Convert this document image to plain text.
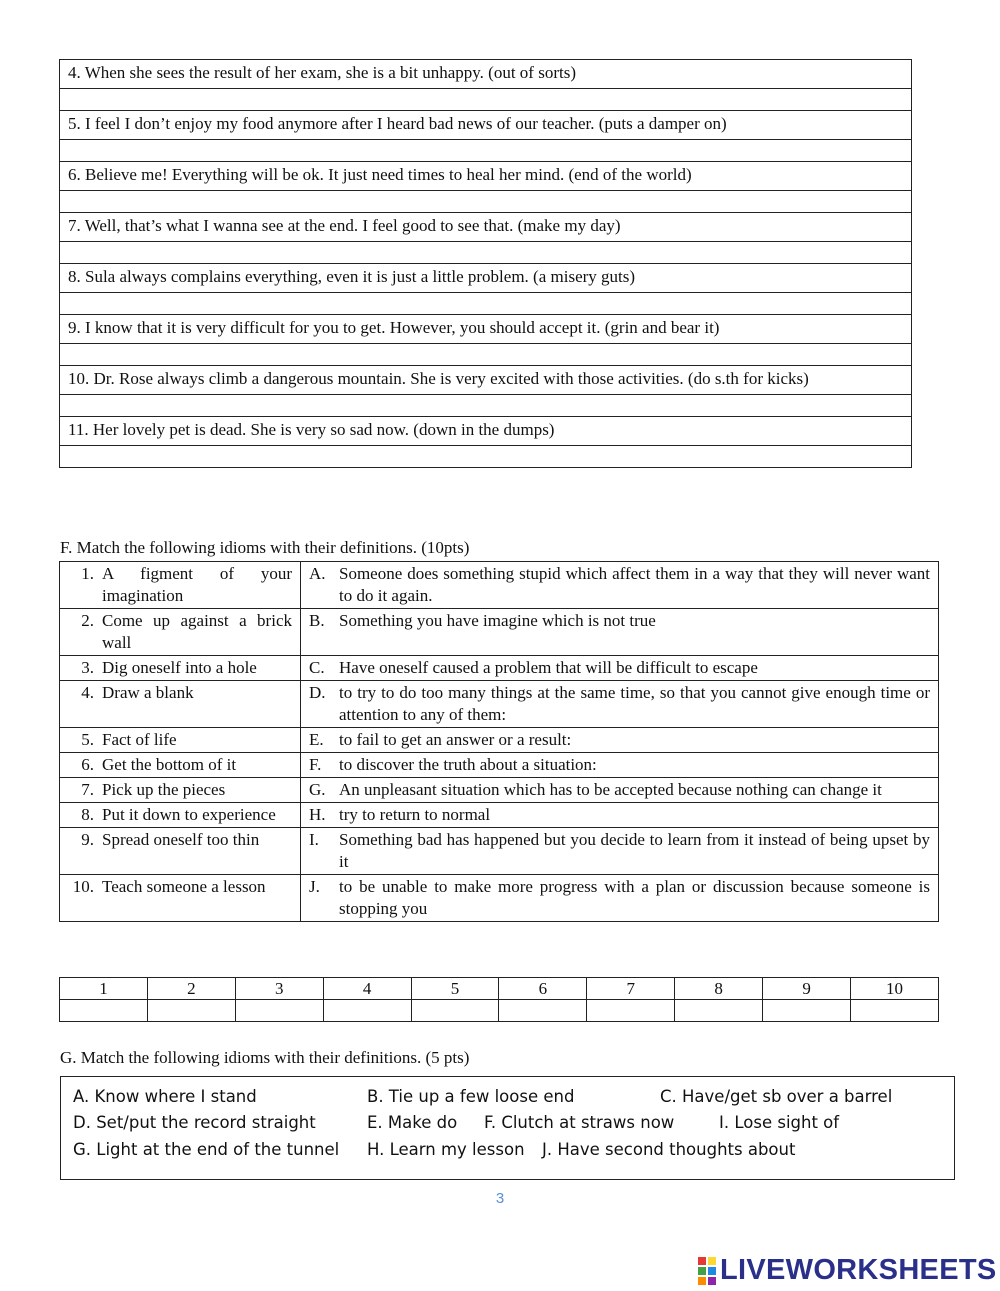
4. When she sees the result of her exam, she is a bit unhappy. (out of sorts)

5. I feel I don’t enjoy my food anymore after I heard bad news of our teacher. (puts a damper on)

6. Believe me! Everything will be ok. It just need times to heal her mind. (end of the world)

7. Well, that’s what I wanna see at the end. I feel good to see that. (make my day)

8. Sula always complains everything, even it is just a little problem. (a misery guts)

9. I know that it is very difficult for you to get. However, you should accept it. (grin and bear it)

10. Dr. Rose always climb a dangerous mountain. She is very excited with those activities. (do s.th for kicks)

11. Her lovely pet is dead. She is very so sad now. (down in the dumps)

F. Match the following idioms with their definitions. (10pts)

1. A figment of your imagination	A. Someone does something stupid which affect them in a way that they will never want to do it again.

2. Come up against a brick wall	B. Something you have imagine which is not true

3. Dig oneself into a hole	C. Have oneself caused a problem that will be difficult to escape

4. Draw a blank	D. to try to do too many things at the same time, so that you cannot give enough time or attention to any of them:

5. Fact of life	E. to fail to get an answer or a result:

6. Get the bottom of it	F. to discover the truth about a situation:

7. Pick up the pieces	G. An unpleasant situation which has to be accepted because nothing can change it

8. Put it down to experience	H. try to return to normal

9. Spread oneself too thin	I. Something bad has happened but you decide to learn from it instead of being upset by it

10. Teach someone a lesson	J. to be unable to make more progress with a plan or discussion because someone is stopping you
1	2	3	4	5	6	7	8	9	10

G. Match the following idioms with their definitions. (5 pts)

A. Know where I stand	B. Tie up a few loose end	C. Have/get sb over a barrel
D. Set/put the record straight	E. Make do F. Clutch at straws now	I. Lose sight of
G. Light at the end of the tunnel H. Learn my lesson J. Have second thoughts about
3
LIVEWORKSHEETS
